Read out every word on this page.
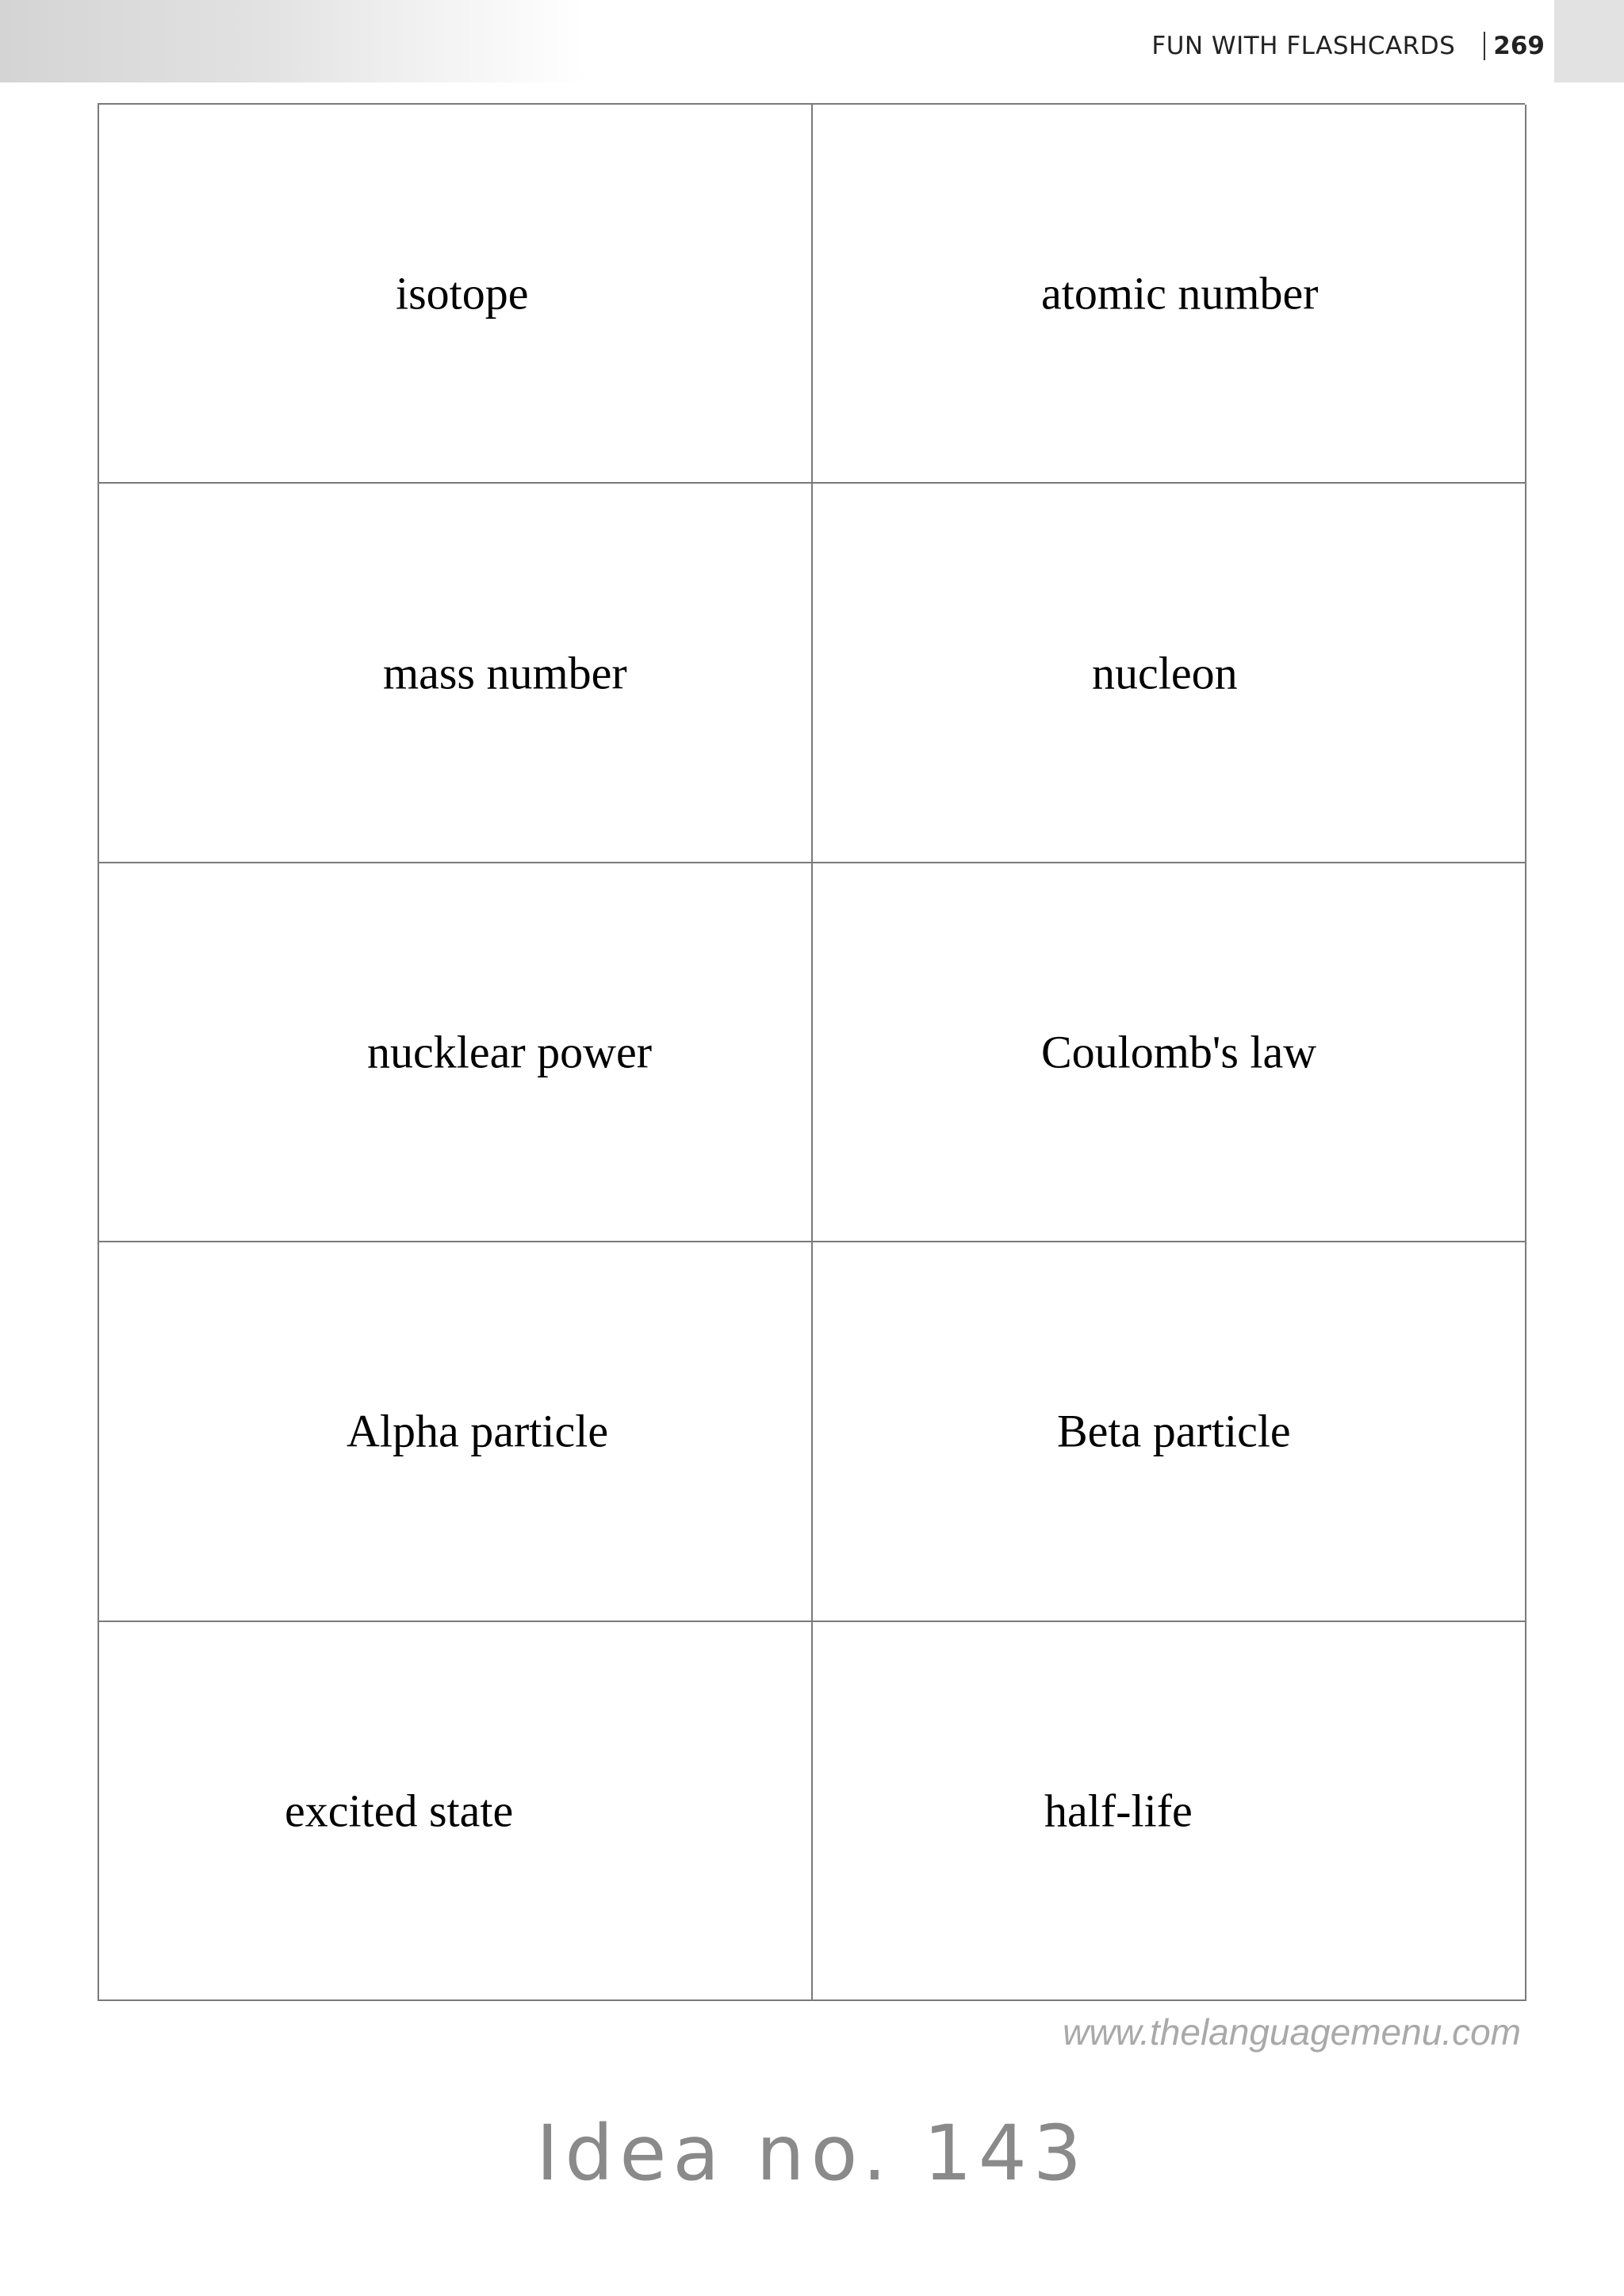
FUN WITH FLASHCARDS 269
isotope	atomic number
mass number	nucleon
nucklear power	Coulomb's law
Alpha particle	Beta particle
excited state	half-life
www.thelanguagemenu.com
Idea no. 143
